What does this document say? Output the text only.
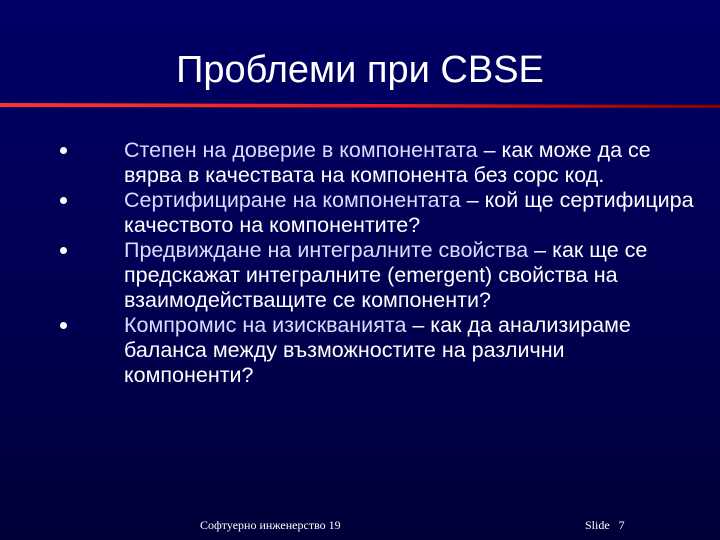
Проблеми при CBSE
Степен на доверие в компонентата – как може да се вярва в качествата на компонента без сорс код.
Сертифициране на компонентата – кой ще сертифицира качеството на компонентите?
Предвиждане на интегралните свойства – как ще се предскажат интегралните (emergent) свойства на взаимодействащите се компоненти?
Компромис на изискванията – как да анализираме баланса между възможностите на различни компоненти?
Софтуерно инженерство 19	Slide 7
